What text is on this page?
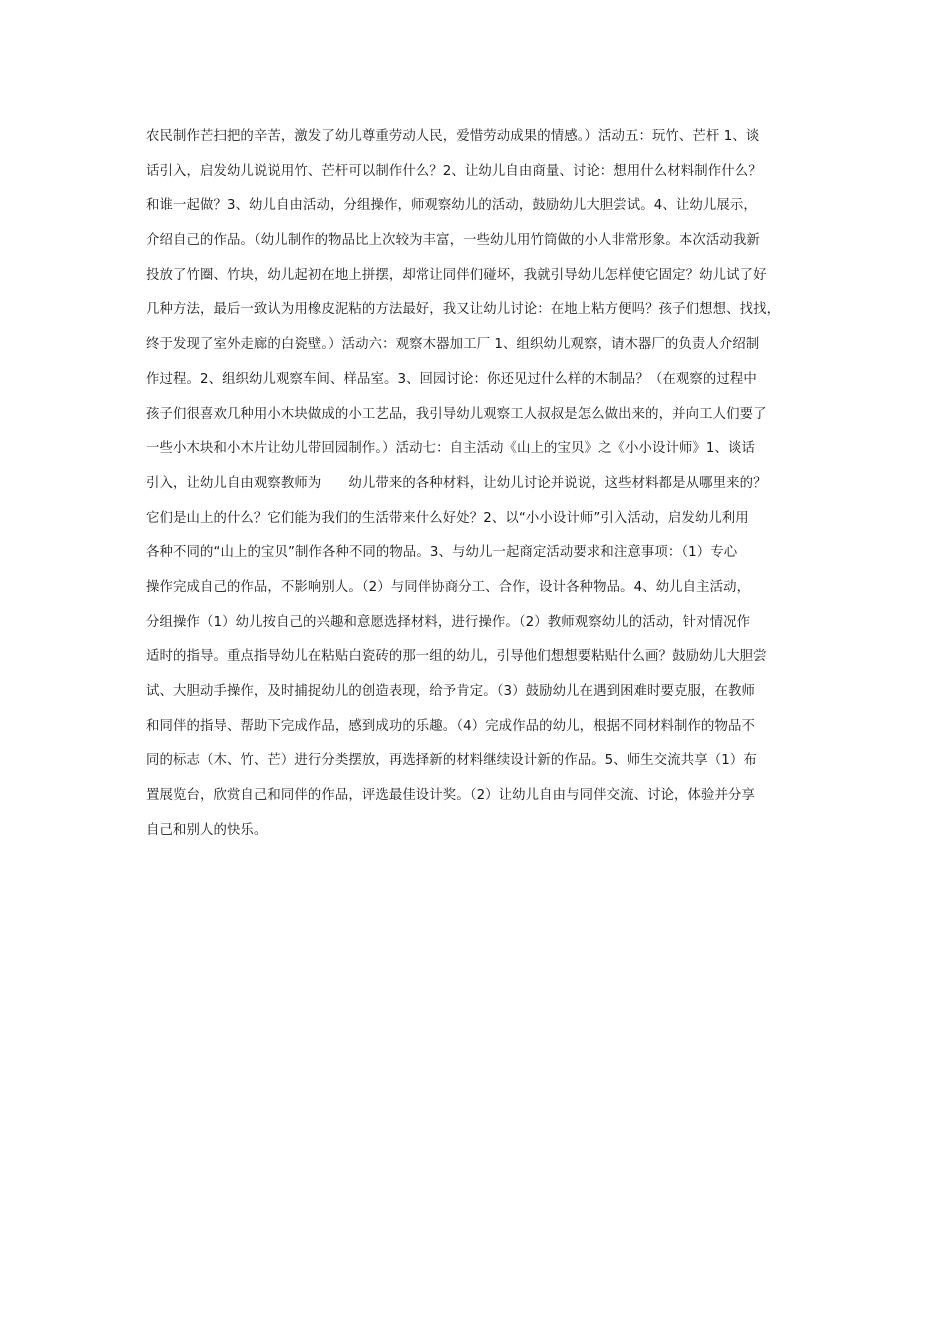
农民制作芒扫把的辛苦，激发了幼儿尊重劳动人民，爱惜劳动成果的情感。）活动五：玩竹、芒杆 1、谈
话引入，启发幼儿说说用竹、芒杆可以制作什么？2、让幼儿自由商量、讨论：想用什么材料制作什么？
和谁一起做？3、幼儿自由活动，分组操作，师观察幼儿的活动，鼓励幼儿大胆尝试。4、让幼儿展示，
介绍自己的作品。（幼儿制作的物品比上次较为丰富，一些幼儿用竹筒做的小人非常形象。本次活动我新
投放了竹圈、竹块，幼儿起初在地上拼摆，却常让同伴们碰坏，我就引导幼儿怎样使它固定？幼儿试了好
几种方法，最后一致认为用橡皮泥粘的方法最好，我又让幼儿讨论：在地上粘方便吗？孩子们想想、找找，
终于发现了室外走廊的白瓷壁。）活动六：观察木器加工厂 1、组织幼儿观察，请木器厂的负责人介绍制
作过程。2、组织幼儿观察车间、样品室。3、回园讨论：你还见过什么样的木制品？（在观察的过程中
孩子们很喜欢几种用小木块做成的小工艺品，我引导幼儿观察工人叔叔是怎么做出来的，并向工人们要了
一些小木块和小木片让幼儿带回园制作。）活动七：自主活动《山上的宝贝》之《小小设计师》1、谈话
引入，让幼儿自由观察教师为　　幼儿带来的各种材料，让幼儿讨论并说说，这些材料都是从哪里来的？
它们是山上的什么？它们能为我们的生活带来什么好处？2、以“小小设计师”引入活动，启发幼儿利用
各种不同的“山上的宝贝”制作各种不同的物品。3、与幼儿一起商定活动要求和注意事项：（1）专心
操作完成自己的作品，不影响别人。（2）与同伴协商分工、合作，设计各种物品。4、幼儿自主活动，
分组操作（1）幼儿按自己的兴趣和意愿选择材料，进行操作。（2）教师观察幼儿的活动，针对情况作
适时的指导。重点指导幼儿在粘贴白瓷砖的那一组的幼儿，引导他们想想要粘贴什么画？鼓励幼儿大胆尝
试、大胆动手操作，及时捕捉幼儿的创造表现，给予肯定。（3）鼓励幼儿在遇到困难时要克服，在教师
和同伴的指导、帮助下完成作品，感到成功的乐趣。（4）完成作品的幼儿，根据不同材料制作的物品不
同的标志（木、竹、芒）进行分类摆放，再选择新的材料继续设计新的作品。5、师生交流共享（1）布
置展览台，欣赏自己和同伴的作品，评选最佳设计奖。（2）让幼儿自由与同伴交流、讨论，体验并分享
自己和别人的快乐。
